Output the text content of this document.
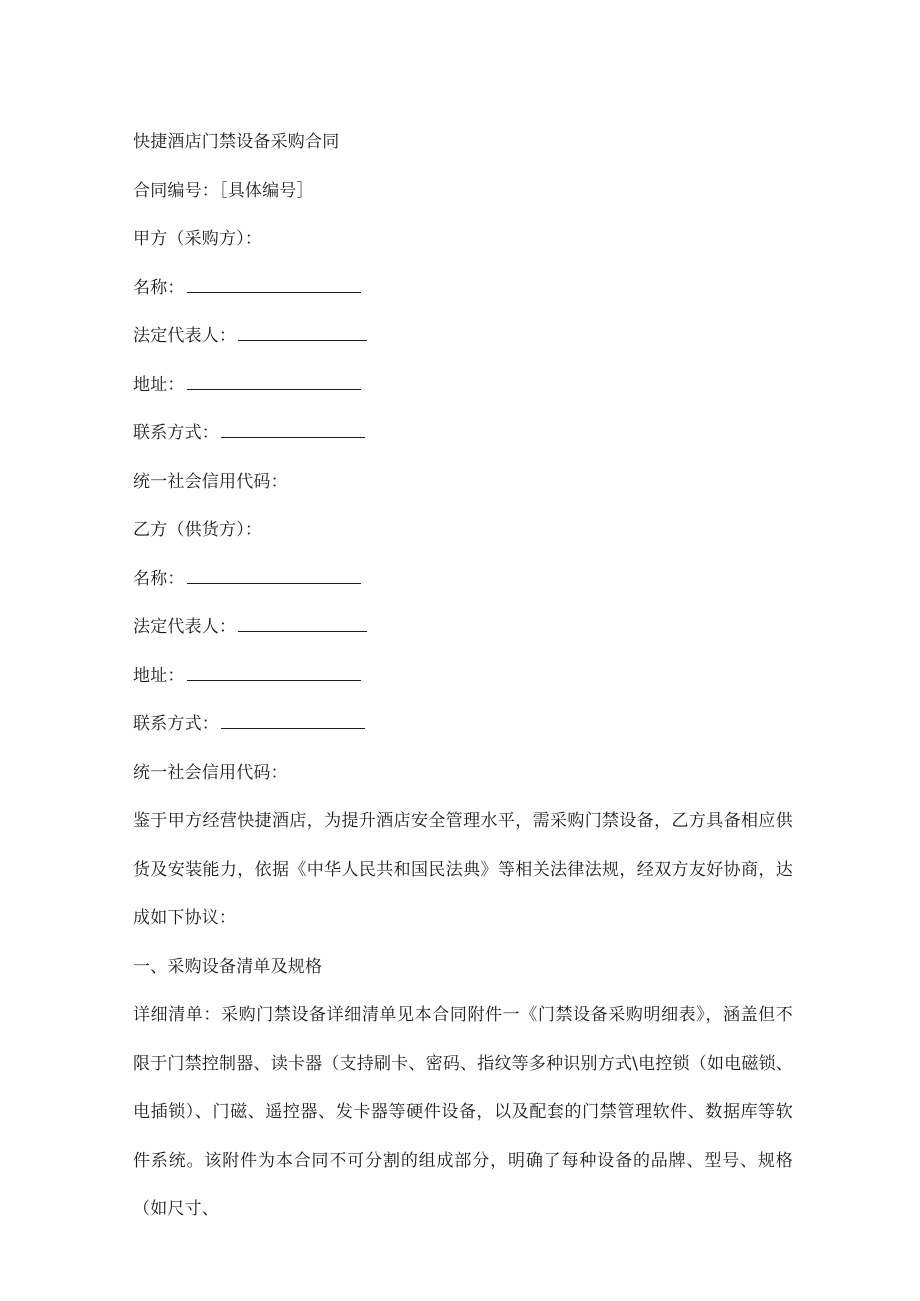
快捷酒店门禁设备采购合同
合同编号：［具体编号］
甲方（采购方）：
名称：
法定代表人：
地址：
联系方式：
统一社会信用代码：
乙方（供货方）：
名称：
法定代表人：
地址：
联系方式：
统一社会信用代码：
鉴于甲方经营快捷酒店，为提升酒店安全管理水平，需采购门禁设备，乙方具备相应供货及安装能力，依据《中华人民共和国民法典》等相关法律法规，经双方友好协商，达成如下协议：
一、采购设备清单及规格
详细清单：采购门禁设备详细清单见本合同附件一《门禁设备采购明细表》，涵盖但不限于门禁控制器、读卡器（支持刷卡、密码、指纹等多种识别方式\电控锁（如电磁锁、电插锁）、门磁、遥控器、发卡器等硬件设备，以及配套的门禁管理软件、数据库等软件系统。该附件为本合同不可分割的组成部分，明确了每种设备的品牌、型号、规格（如尺寸、
